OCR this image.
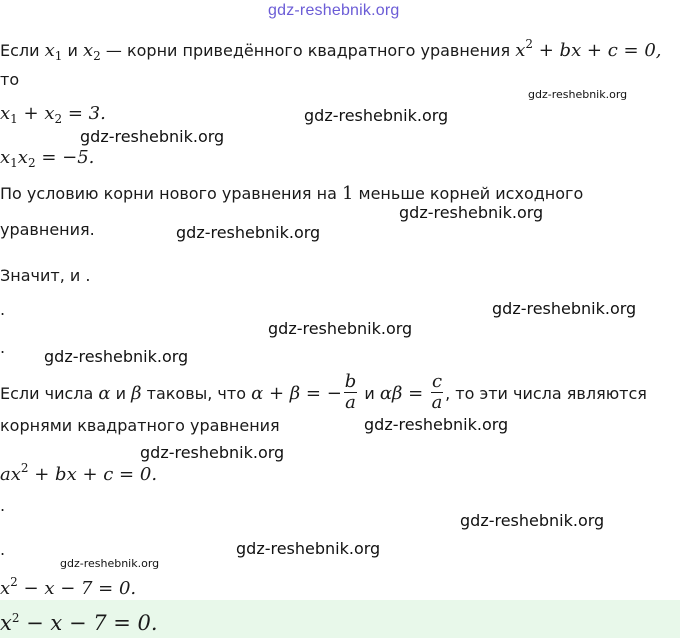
gdz-reshebnik.org
gdz-reshebnik.org
gdz-reshebnik.org
gdz-reshebnik.org
gdz-reshebnik.org
gdz-reshebnik.org
gdz-reshebnik.org
gdz-reshebnik.org
gdz-reshebnik.org
gdz-reshebnik.org
gdz-reshebnik.org
gdz-reshebnik.org
gdz-reshebnik.org
gdz-reshebnik.org
Если $x_1$ и $x_2$ — корни приведённого квадратного уравнения $x^2$ + bx + c = 0,
то
$x_1 + x_2 = 3$.
$x_1x_2 = -5$.
По условию корни нового уравнения на 1 меньше корней исходного
уравнения.
Значит, и .
.
.
Если числа α и β таковы, что α + β = − $\frac{b}{a}$ и $\alpha\beta = \frac{c}{a}$ , то эти числа являются
корнями квадратного уравнения
$ax^2$ + bx + c = 0.
.
.
$x^2 - x - 7 = 0$.
$x^2 - x - 7 = 0$.
